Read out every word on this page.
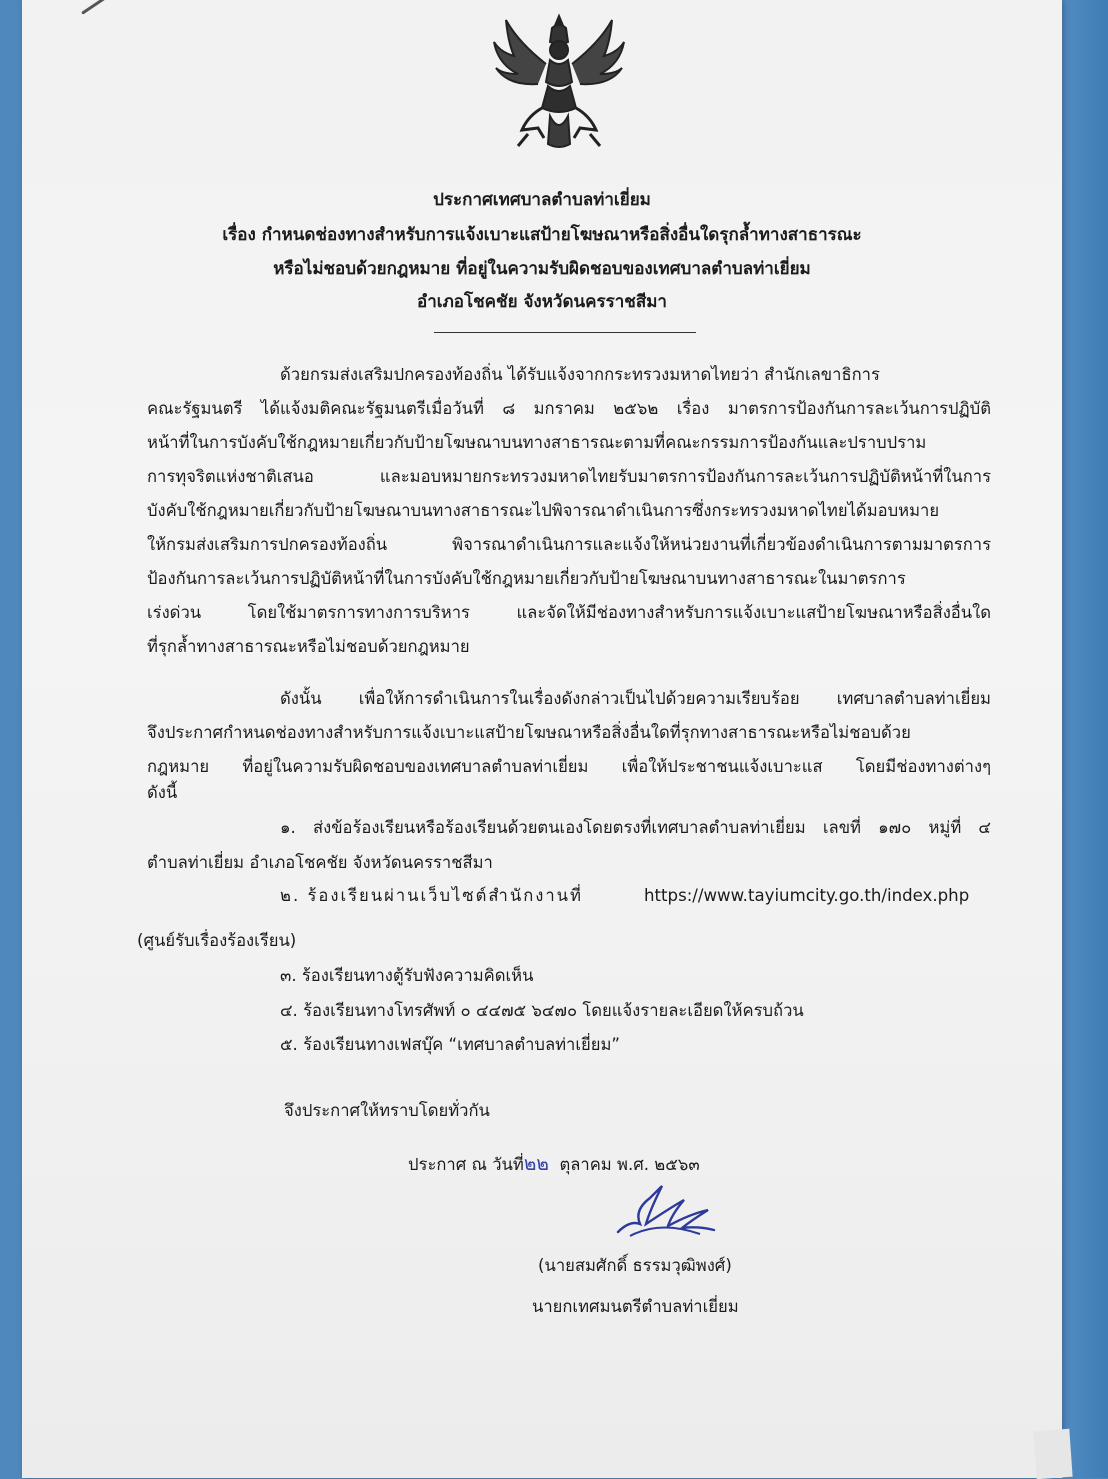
ประกาศเทศบาลตำบลท่าเยี่ยม
เรื่อง กำหนดช่องทางสำหรับการแจ้งเบาะแสป้ายโฆษณาหรือสิ่งอื่นใดรุกล้ำทางสาธารณะ
หรือไม่ชอบด้วยกฎหมาย ที่อยู่ในความรับผิดชอบของเทศบาลตำบลท่าเยี่ยม
อำเภอโชคชัย จังหวัดนครราชสีมา
ด้วยกรมส่งเสริมปกครองท้องถิ่น ได้รับแจ้งจากกระทรวงมหาดไทยว่า สำนักเลขาธิการ
คณะรัฐมนตรี ได้แจ้งมติคณะรัฐมนตรีเมื่อวันที่ ๘ มกราคม ๒๕๖๒ เรื่อง มาตรการป้องกันการละเว้นการปฏิบัติ
หน้าที่ในการบังคับใช้กฎหมายเกี่ยวกับป้ายโฆษณาบนทางสาธารณะตามที่คณะกรรมการป้องกันและปราบปราม
การทุจริตแห่งชาติเสนอ และมอบหมายกระทรวงมหาดไทยรับมาตรการป้องกันการละเว้นการปฏิบัติหน้าที่ในการ
บังคับใช้กฎหมายเกี่ยวกับป้ายโฆษณาบนทางสาธารณะไปพิจารณาดำเนินการซึ่งกระทรวงมหาดไทยได้มอบหมาย
ให้กรมส่งเสริมการปกครองท้องถิ่น พิจารณาดำเนินการและแจ้งให้หน่วยงานที่เกี่ยวข้องดำเนินการตามมาตรการ
ป้องกันการละเว้นการปฏิบัติหน้าที่ในการบังคับใช้กฎหมายเกี่ยวกับป้ายโฆษณาบนทางสาธารณะในมาตรการ
เร่งด่วน โดยใช้มาตรการทางการบริหาร และจัดให้มีช่องทางสำหรับการแจ้งเบาะแสป้ายโฆษณาหรือสิ่งอื่นใด
ที่รุกล้ำทางสาธารณะหรือไม่ชอบด้วยกฎหมาย
ดังนั้น เพื่อให้การดำเนินการในเรื่องดังกล่าวเป็นไปด้วยความเรียบร้อย เทศบาลตำบลท่าเยี่ยม
จึงประกาศกำหนดช่องทางสำหรับการแจ้งเบาะแสป้ายโฆษณาหรือสิ่งอื่นใดที่รุกทางสาธารณะหรือไม่ชอบด้วย
กฎหมาย ที่อยู่ในความรับผิดชอบของเทศบาลตำบลท่าเยี่ยม เพื่อให้ประชาชนแจ้งเบาะแส โดยมีช่องทางต่างๆ
ดังนี้
๑. ส่งข้อร้องเรียนหรือร้องเรียนด้วยตนเองโดยตรงที่เทศบาลตำบลท่าเยี่ยม เลขที่ ๑๗๐ หมู่ที่ ๔
ตำบลท่าเยี่ยม อำเภอโชคชัย จังหวัดนครราชสีมา
๒. ร้องเรียนผ่านเว็บไซต์สำนักงานที่	https://www.tayiumcity.go.th/index.php
(ศูนย์รับเรื่องร้องเรียน)
๓. ร้องเรียนทางตู้รับฟังความคิดเห็น
๔. ร้องเรียนทางโทรศัพท์ ๐ ๔๔๗๕ ๖๔๗๐ โดยแจ้งรายละเอียดให้ครบถ้วน
๕. ร้องเรียนทางเฟสบุ๊ค “เทศบาลตำบลท่าเยี่ยม”
จึงประกาศให้ทราบโดยทั่วกัน
ประกาศ ณ วันที่๒๒ ตุลาคม พ.ศ. ๒๕๖๓
(นายสมศักดิ์ ธรรมวุฒิพงศ์)
นายกเทศมนตรีตำบลท่าเยี่ยม
